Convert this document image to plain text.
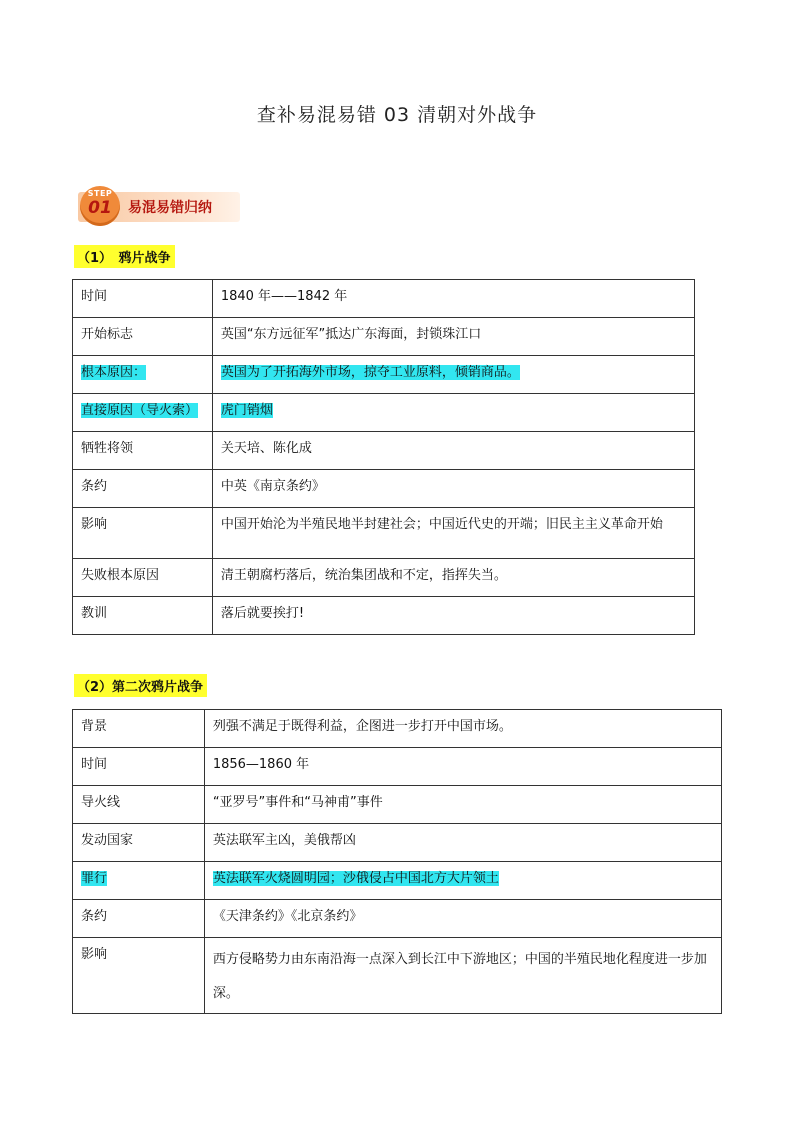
查补易混易错 03 清朝对外战争
STEP
01	易混易错归纳
（1）　鸦片战争
时间	1840 年——1842 年
开始标志	英国“东方远征军”抵达广东海面，封锁珠江口
根本原因：	英国为了开拓海外市场，掠夺工业原料，倾销商品。
直接原因（导火索）	虎门销烟
牺牲将领	关天培、陈化成
条约	中英《南京条约》
影响	中国开始沦为半殖民地半封建社会；中国近代史的开端；旧民主主义革命开始
失败根本原因	清王朝腐朽落后，统治集团战和不定，指挥失当。
教训	落后就要挨打!
（2）第二次鸦片战争
背景	列强不满足于既得利益，企图进一步打开中国市场。
时间	1856—1860 年
导火线	“亚罗号”事件和“马神甫”事件
发动国家	英法联军主凶，美俄帮凶
罪行	英法联军火烧圆明园；沙俄侵占中国北方大片领土
条约	《天津条约》《北京条约》
影响	西方侵略势力由东南沿海一点深入到长江中下游地区；中国的半殖民地化程度进一步加深。
